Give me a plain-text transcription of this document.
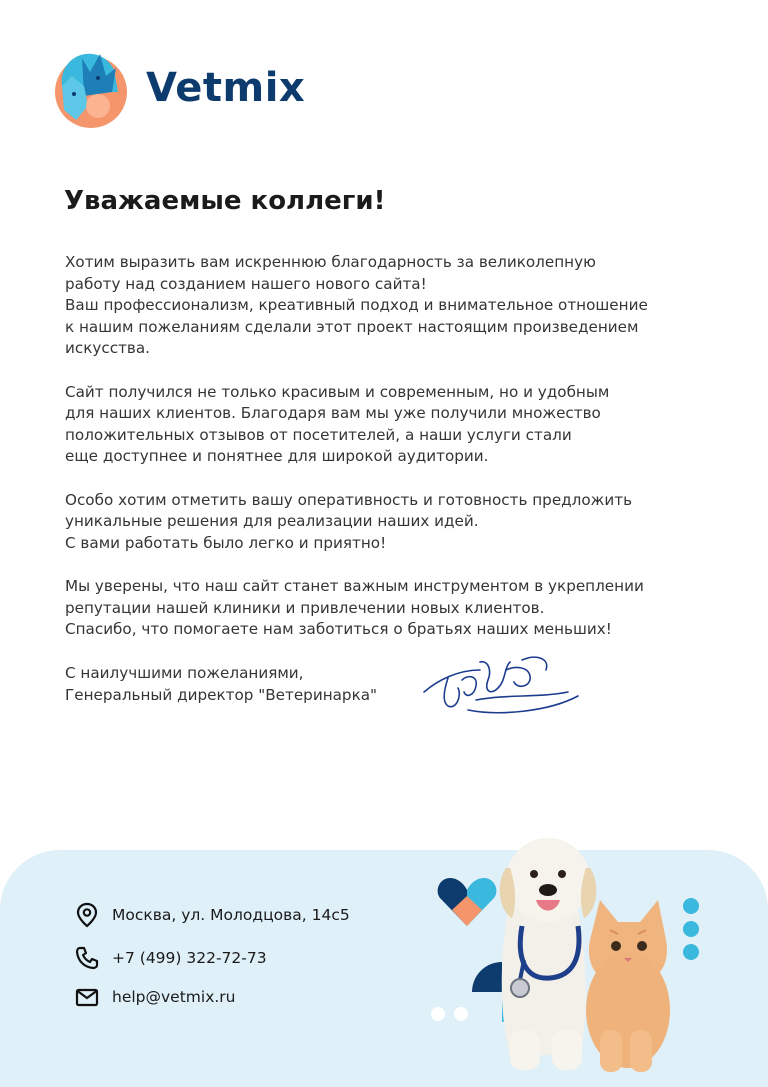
Vetmix
Уважаемые коллеги!

Хотим выразить вам искреннюю благодарность за великолепную
работу над созданием нашего нового сайта!
Ваш профессионализм, креативный подход и внимательное отношение
к нашим пожеланиям сделали этот проект настоящим произведением
искусства.

Сайт получился не только красивым и современным, но и удобным
для наших клиентов. Благодаря вам мы уже получили множество
положительных отзывов от посетителей, а наши услуги стали
еще доступнее и понятнее для широкой аудитории.

Особо хотим отметить вашу оперативность и готовность предложить
уникальные решения для реализации наших идей.
С вами работать было легко и приятно!

Мы уверены, что наш сайт станет важным инструментом в укреплении
репутации нашей клиники и привлечении новых клиентов.
Спасибо, что помогаете нам заботиться о братьях наших меньших!

С наилучшими пожеланиями,
Генеральный директор "Ветеринарка"
Москва, ул. Молодцова, 14с5
+7 (499) 322-72-73
help@vetmix.ru
